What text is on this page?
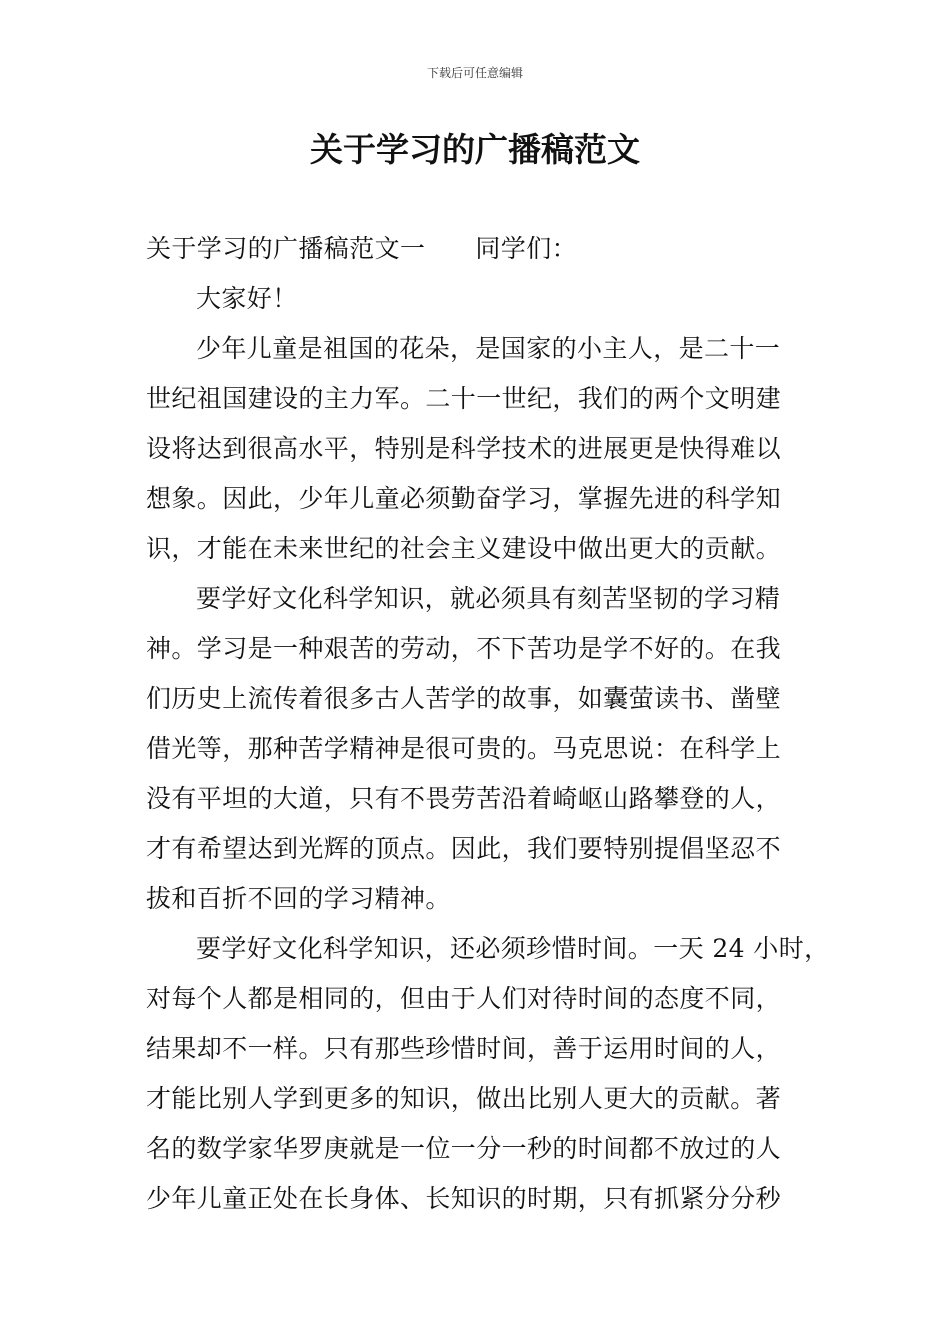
下载后可任意编辑
关于学习的广播稿范文
关于学习的广播稿范文一 同学们：
大家好！
少年儿童是祖国的花朵，是国家的小主人，是二十一
世纪祖国建设的主力军。二十一世纪，我们的两个文明建
设将达到很高水平，特别是科学技术的进展更是快得难以
想象。因此，少年儿童必须勤奋学习，掌握先进的科学知
识，才能在未来世纪的社会主义建设中做出更大的贡献。
要学好文化科学知识，就必须具有刻苦坚韧的学习精
神。学习是一种艰苦的劳动，不下苦功是学不好的。在我
们历史上流传着很多古人苦学的故事，如囊萤读书、凿壁
借光等，那种苦学精神是很可贵的。马克思说：在科学上
没有平坦的大道，只有不畏劳苦沿着崎岖山路攀登的人，
才有希望达到光辉的顶点。因此，我们要特别提倡坚忍不
拔和百折不回的学习精神。
要学好文化科学知识，还必须珍惜时间。一天 24 小时，
对每个人都是相同的，但由于人们对待时间的态度不同，
结果却不一样。只有那些珍惜时间，善于运用时间的人，
才能比别人学到更多的知识，做出比别人更大的贡献。著
名的数学家华罗庚就是一位一分一秒的时间都不放过的人
少年儿童正处在长身体、长知识的时期，只有抓紧分分秒
